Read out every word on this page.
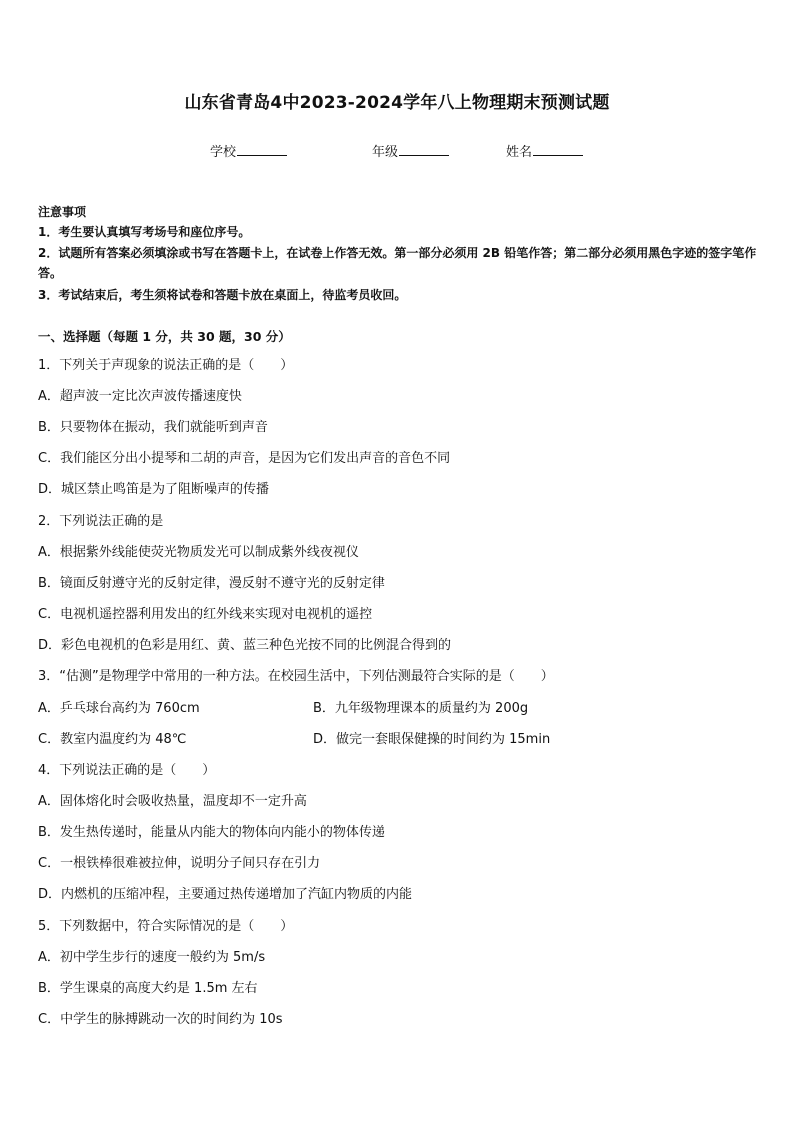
山东省青岛4中2023-2024学年八上物理期末预测试题
学校	年级	姓名
注意事项
1．考生要认真填写考场号和座位序号。
2．试题所有答案必须填涂或书写在答题卡上，在试卷上作答无效。第一部分必须用 2B 铅笔作答；第二部分必须用黑色字迹的签字笔作答。
3．考试结束后，考生须将试卷和答题卡放在桌面上，待监考员收回。
一、选择题（每题 1 分，共 30 题，30 分）
1．下列关于声现象的说法正确的是（　　）
A．超声波一定比次声波传播速度快
B．只要物体在振动，我们就能听到声音
C．我们能区分出小提琴和二胡的声音，是因为它们发出声音的音色不同
D．城区禁止鸣笛是为了阻断噪声的传播
2．下列说法正确的是
A．根据紫外线能使荧光物质发光可以制成紫外线夜视仪
B．镜面反射遵守光的反射定律，漫反射不遵守光的反射定律
C．电视机遥控器利用发出的红外线来实现对电视机的遥控
D．彩色电视机的色彩是用红、黄、蓝三种色光按不同的比例混合得到的
3．“估测”是物理学中常用的一种方法。在校园生活中，下列估测最符合实际的是（　　）
A．乒乓球台高约为 760cm	B．九年级物理课本的质量约为 200g
C．教室内温度约为 48℃	D．做完一套眼保健操的时间约为 15min
4．下列说法正确的是（　　）
A．固体熔化时会吸收热量，温度却不一定升高
B．发生热传递时，能量从内能大的物体向内能小的物体传递
C．一根铁棒很难被拉伸，说明分子间只存在引力
D．内燃机的压缩冲程，主要通过热传递增加了汽缸内物质的内能
5．下列数据中，符合实际情况的是（　　）
A．初中学生步行的速度一般约为 5m/s
B．学生课桌的高度大约是 1.5m 左右
C．中学生的脉搏跳动一次的时间约为 10s
